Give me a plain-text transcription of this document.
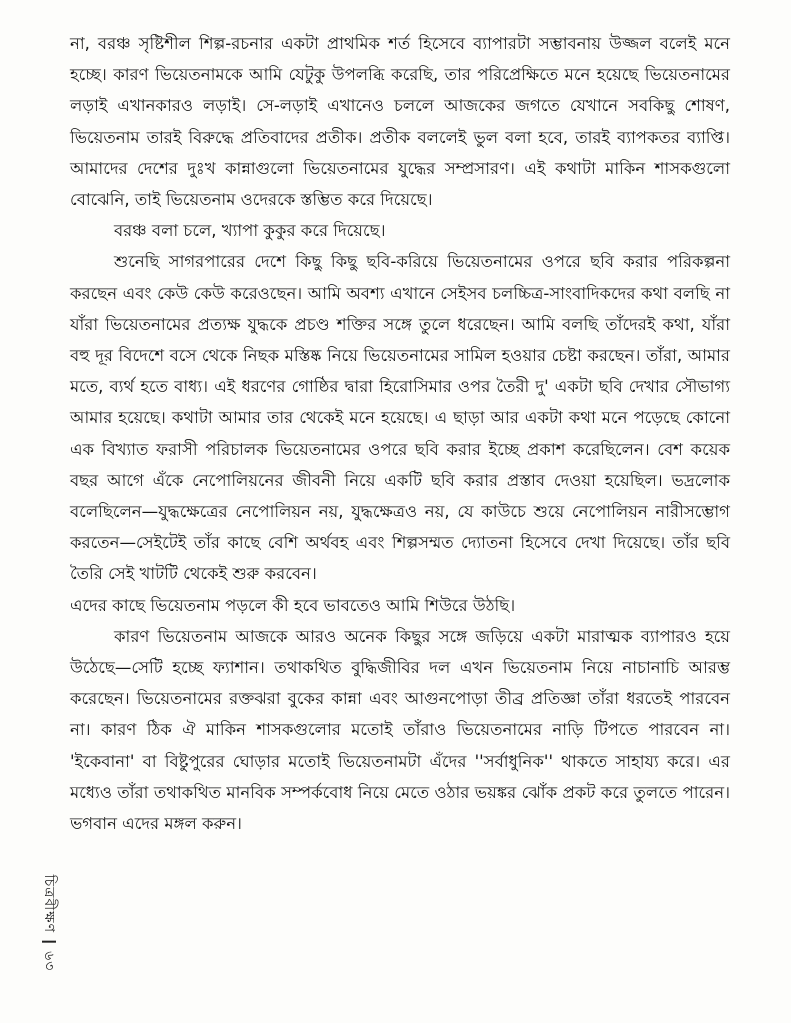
না, বরঞ্চ সৃষ্টিশীল শিল্প-রচনার একটা প্রাথমিক শর্ত হিসেবে ব্যাপারটা সম্ভাবনায় উজ্জল বলেই মনে হচ্ছে। কারণ ভিয়েতনামকে আমি যেটুকু উপলব্ধি করেছি, তার পরিপ্রেক্ষিতে মনে হয়েছে ভিয়েতনামের লড়াই এখানকারও লড়াই। সে-লড়াই এখানেও চললে আজকের জগতে যেখানে সবকিছু শোষণ, ভিয়েতনাম তারই বিরুদ্ধে প্রতিবাদের প্রতীক। প্রতীক বললেই ভুল বলা হবে, তারই ব্যাপকতর ব্যাপ্তি। আমাদের দেশের দুঃখ কান্নাগুলো ভিয়েতনামের যুদ্ধের সম্প্রসারণ। এই কথাটা মাকিন শাসকগুলো বোঝেনি, তাই ভিয়েতনাম ওদেরকে স্তম্ভিত করে দিয়েছে।

বরঞ্চ বলা চলে, খ্যাপা কুকুর করে দিয়েছে।

শুনেছি সাগরপারের দেশে কিছু কিছু ছবি-করিয়ে ভিয়েতনামের ওপরে ছবি করার পরিকল্পনা করছেন এবং কেউ কেউ করেওছেন। আমি অবশ্য এখানে সেইসব চলচ্চিত্র-সাংবাদিকদের কথা বলছি না যাঁরা ভিয়েতনামের প্রত্যক্ষ যুদ্ধকে প্রচণ্ড শক্তির সঙ্গে তুলে ধরেছেন। আমি বলছি তাঁদেরই কথা, যাঁরা বহু দূর বিদেশে বসে থেকে নিছক মস্তিষ্ক নিয়ে ভিয়েতনামের সামিল হওয়ার চেষ্টা করছেন। তাঁরা, আমার মতে, ব্যর্থ হতে বাধ্য। এই ধরণের গোষ্ঠির দ্বারা হিরোসিমার ওপর তৈরী দু' একটা ছবি দেখার সৌভাগ্য আমার হয়েছে। কথাটা আমার তার থেকেই মনে হয়েছে। এ ছাড়া আর একটা কথা মনে পড়েছে কোনো এক বিখ্যাত ফরাসী পরিচালক ভিয়েতনামের ওপরে ছবি করার ইচ্ছে প্রকাশ করেছিলেন। বেশ কয়েক বছর আগে এঁকে নেপোলিয়নের জীবনী নিয়ে একটি ছবি করার প্রস্তাব দেওয়া হয়েছিল। ভদ্রলোক বলেছিলেন—যুদ্ধক্ষেত্রের নেপোলিয়ন নয়, যুদ্ধক্ষেত্রও নয়, যে কাউচে শুয়ে নেপোলিয়ন নারীসম্ভোগ করতেন—সেইটেই তাঁর কাছে বেশি অর্থবহ এবং শিল্পসম্মত দ্যোতনা হিসেবে দেখা দিয়েছে। তাঁর ছবি তৈরি সেই খাটটি থেকেই শুরু করবেন।

এদের কাছে ভিয়েতনাম পড়লে কী হবে ভাবতেও আমি শিউরে উঠছি।

কারণ ভিয়েতনাম আজকে আরও অনেক কিছুর সঙ্গে জড়িয়ে একটা মারাত্মক ব্যাপারও হয়ে উঠেছে—সেটি হচ্ছে ফ্যাশান। তথাকথিত বুদ্ধিজীবির দল এখন ভিয়েতনাম নিয়ে নাচানাচি আরম্ভ করেছেন। ভিয়েতনামের রক্তঝরা বুকের কান্না এবং আগুনপোড়া তীব্র প্রতিজ্ঞা তাঁরা ধরতেই পারবেন না। কারণ ঠিক ঐ মাকিন শাসকগুলোর মতোই তাঁরাও ভিয়েতনামের নাড়ি টিপতে পারবেন না। 'ইকেবানা' বা বিষ্টুপুরের ঘোড়ার মতোই ভিয়েতনামটা এঁদের ''সর্বাধুনিক'' থাকতে সাহায্য করে। এর মধ্যেও তাঁরা তথাকথিত মানবিক সম্পর্কবোধ নিয়ে মেতে ওঠার ভয়ঙ্কর ঝোঁক প্রকট করে তুলতে পারেন। ভগবান এদের মঙ্গল করুন।

চিত্রবীক্ষণ৬৩
